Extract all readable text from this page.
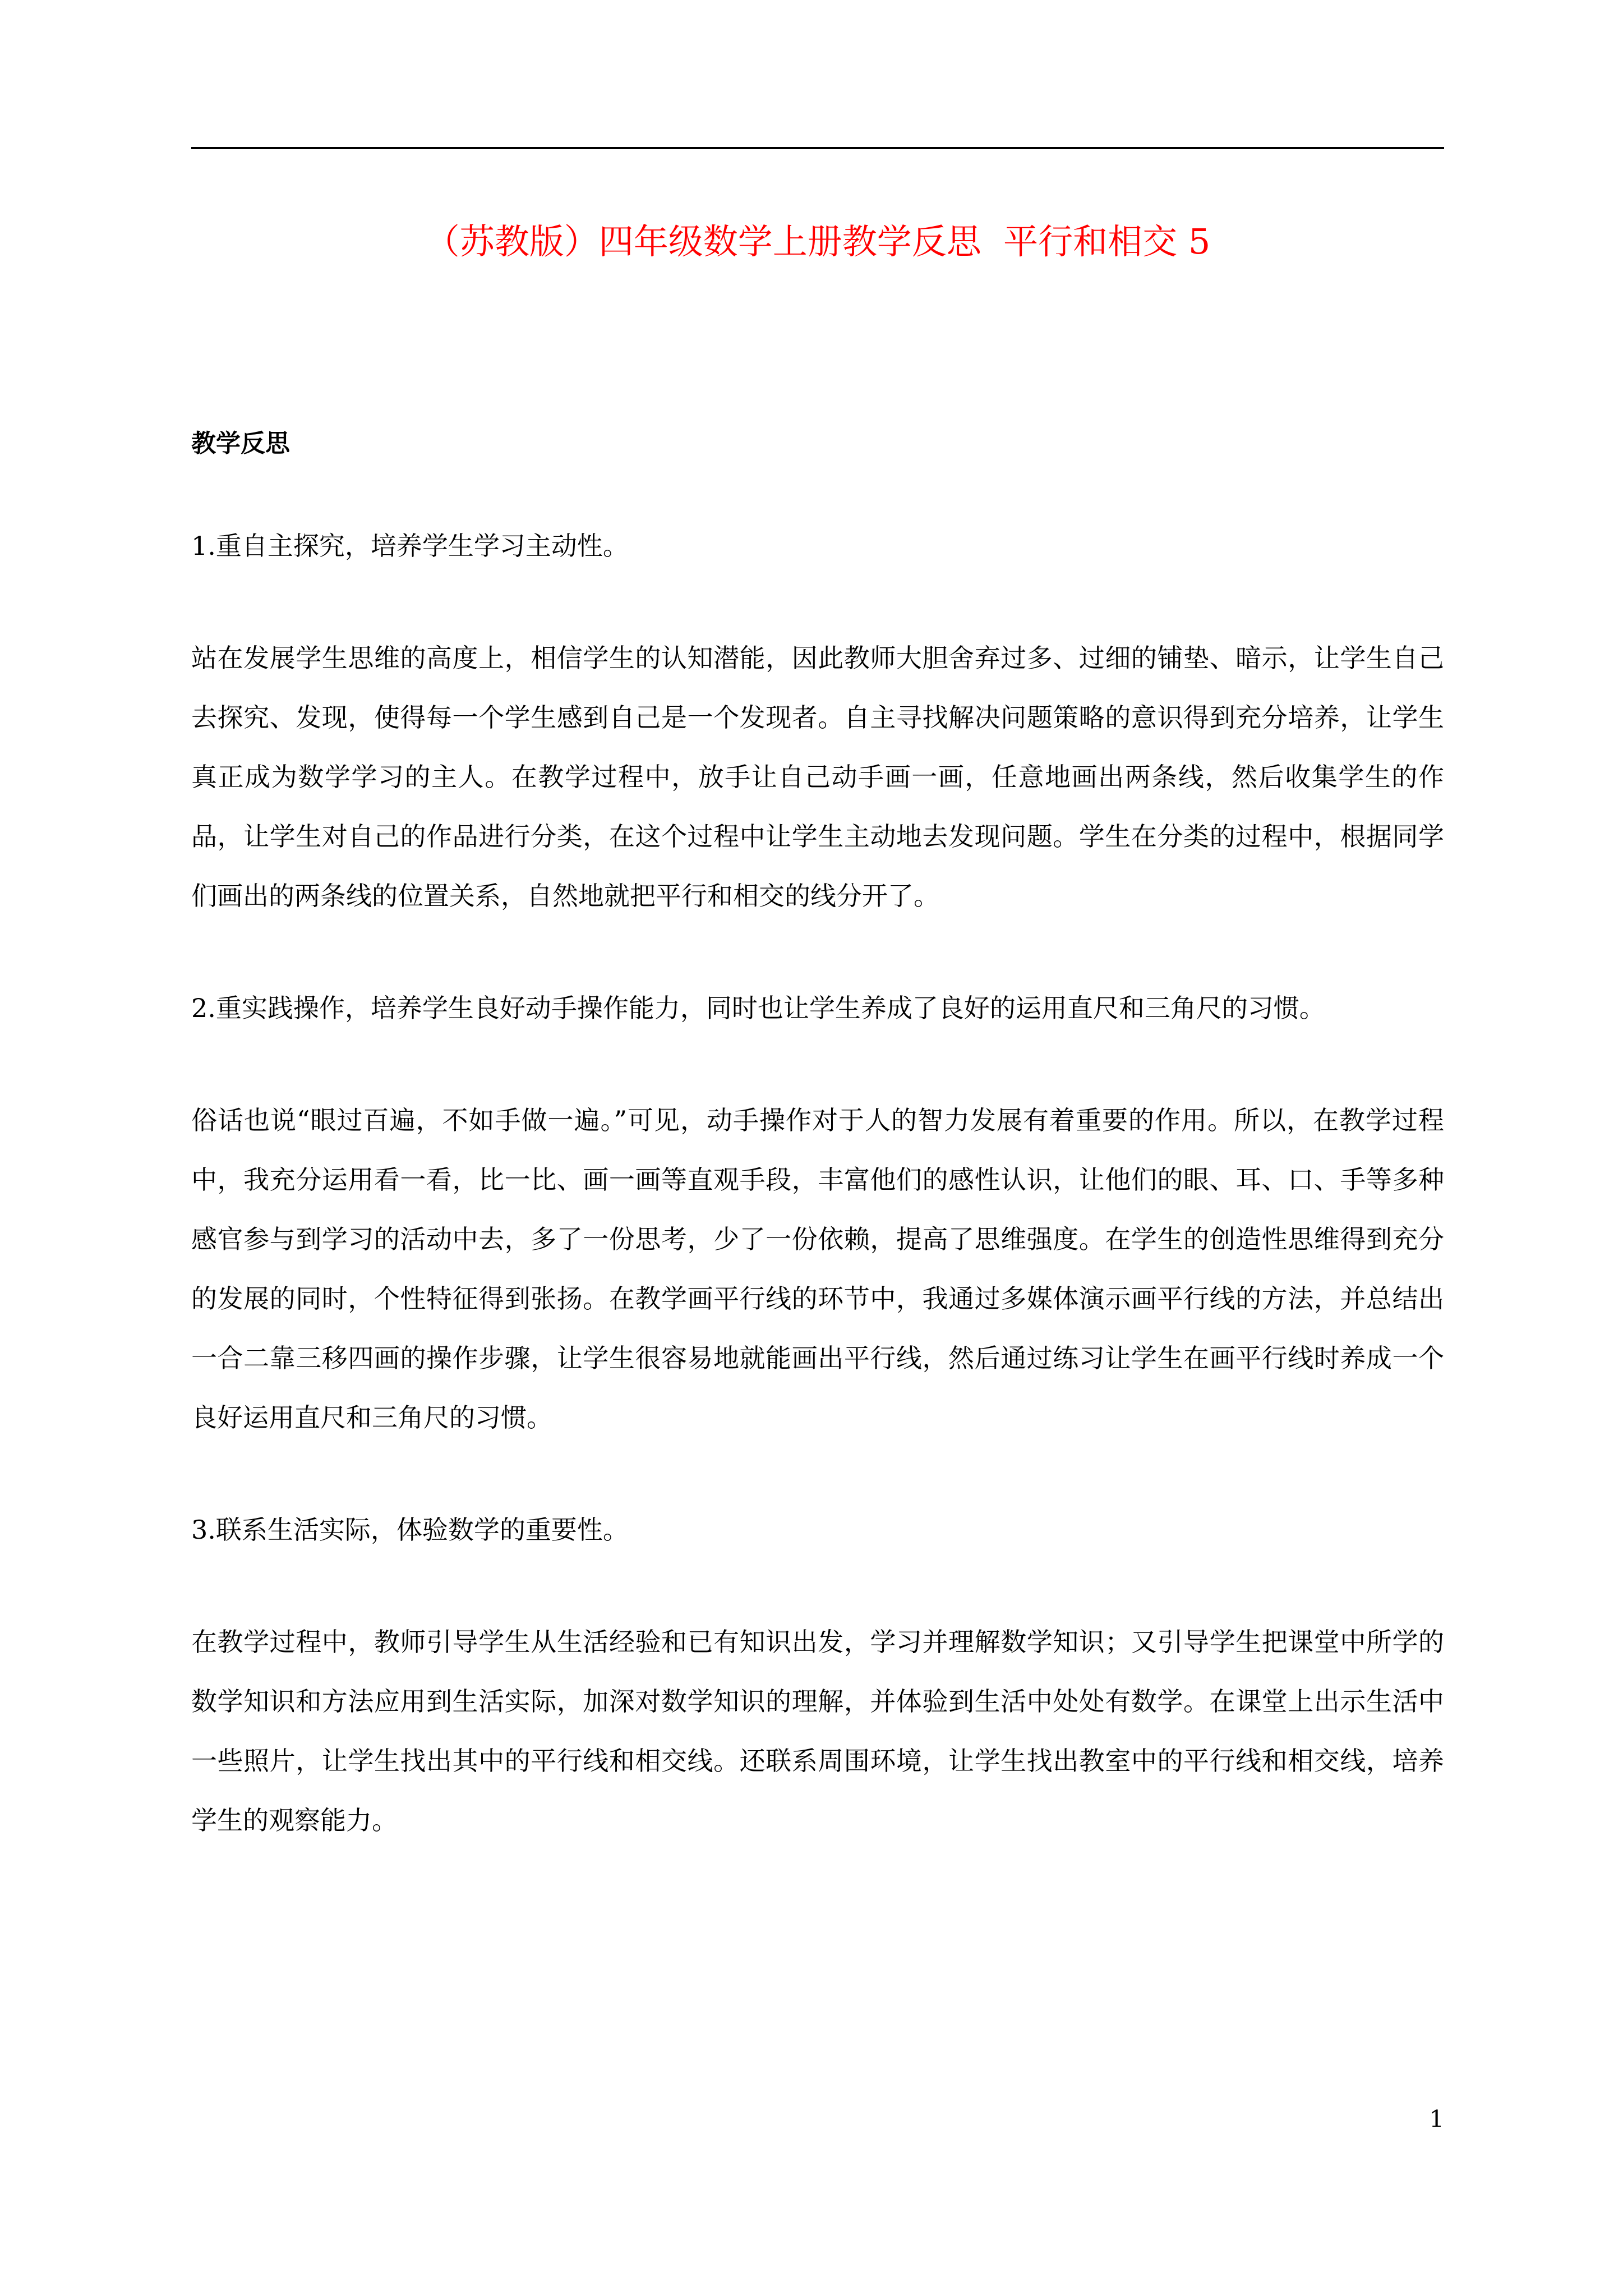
（苏教版）四年级数学上册教学反思  平行和相交 5
教学反思
1.重自主探究，培养学生学习主动性。
站在发展学生思维的高度上，相信学生的认知潜能，因此教师大胆舍弃过多、过细的铺垫、暗示，让学生自己去探究、发现，使得每一个学生感到自己是一个发现者。自主寻找解决问题策略的意识得到充分培养，让学生真正成为数学学习的主人。在教学过程中，放手让自己动手画一画，任意地画出两条线，然后收集学生的作品，让学生对自己的作品进行分类，在这个过程中让学生主动地去发现问题。学生在分类的过程中，根据同学们画出的两条线的位置关系，自然地就把平行和相交的线分开了。
2.重实践操作，培养学生良好动手操作能力，同时也让学生养成了良好的运用直尺和三角尺的习惯。
俗话也说“眼过百遍，不如手做一遍。”可见，动手操作对于人的智力发展有着重要的作用。所以，在教学过程中，我充分运用看一看，比一比、画一画等直观手段，丰富他们的感性认识，让他们的眼、耳、口、手等多种感官参与到学习的活动中去，多了一份思考，少了一份依赖，提高了思维强度。在学生的创造性思维得到充分的发展的同时，个性特征得到张扬。在教学画平行线的环节中，我通过多媒体演示画平行线的方法，并总结出一合二靠三移四画的操作步骤，让学生很容易地就能画出平行线，然后通过练习让学生在画平行线时养成一个良好运用直尺和三角尺的习惯。
3.联系生活实际，体验数学的重要性。
在教学过程中，教师引导学生从生活经验和已有知识出发，学习并理解数学知识；又引导学生把课堂中所学的数学知识和方法应用到生活实际，加深对数学知识的理解，并体验到生活中处处有数学。在课堂上出示生活中一些照片，让学生找出其中的平行线和相交线。还联系周围环境，让学生找出教室中的平行线和相交线，培养学生的观察能力。
1
